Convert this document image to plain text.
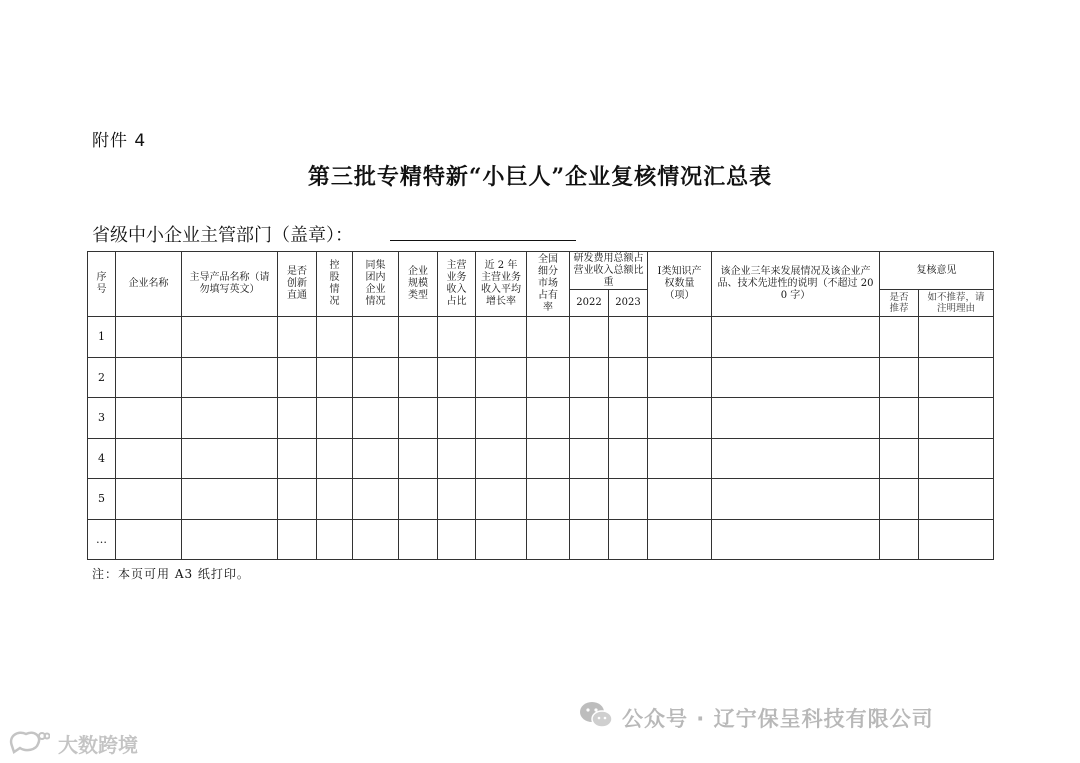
附件 4
第三批专精特新“小巨人”企业复核情况汇总表
省级中小企业主管部门（盖章）：
序号	企业名称	主导产品名称（请勿填写英文）	是否创新直通	控股情况	同集团内企业情况	企业规模类型	主营业务收入占比	近 2 年主营业务收入平均增长率	全国细分市场占有率	研发费用总额占营业收入总额比重		Ⅰ类知识产权数量（项）	该企业三年来发展情况及该企业产品、技术先进性的说明（不超过 200 字）	复核意见	
										2022	2023			是否推荐	如不推荐，请注明理由
1															
2															
3															
4															
5															
…															
注：本页可用 A3 纸打印。
公众号 · 辽宁保呈科技有限公司
大数跨境
